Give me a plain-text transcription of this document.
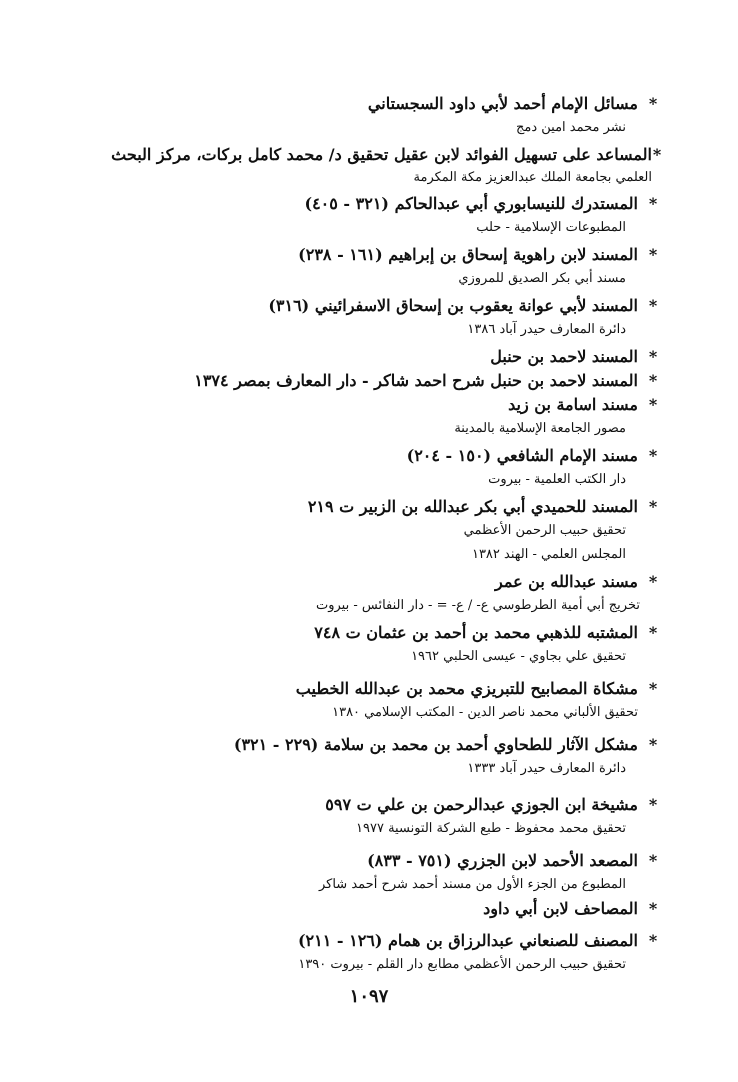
*
مسائل الإمام أحمد لأبي داود السجستاني
نشر محمد امين دمج
*
المساعد على تسهيل الفوائد لابن عقيل تحقيق د/ محمد كامل بركات، مركز البحث
العلمي بجامعة الملك عبدالعزيز مكة المكرمة
*
المستدرك للنيسابوري أبي عبدالحاكم (٣٢١ - ٤٠٥)
المطبوعات الإسلامية - حلب
*
المسند لابن راهوية إسحاق بن إبراهيم (١٦١ - ٢٣٨)
مسند أبي بكر الصديق للمروزي
*
المسند لأبي عوانة يعقوب بن إسحاق الاسفرائيني (٣١٦)
دائرة المعارف حيدر آباد ١٣٨٦
*
المسند لاحمد بن حنبل
*
المسند لاحمد بن حنبل شرح احمد شاكر - دار المعارف بمصر ١٣٧٤
*
مسند اسامة بن زيد
مصور الجامعة الإسلامية بالمدينة
*
مسند الإمام الشافعي (١٥٠ - ٢٠٤)
دار الكتب العلمية - بيروت
*
المسند للحميدي أبي بكر عبدالله بن الزبير ت ٢١٩
تحقيق حبيب الرحمن الأعظمي
المجلس العلمي - الهند ١٣٨٢
*
مسند عبدالله بن عمر
تخريج أبي أمية الطرطوسي ع- / ع- = - دار النفائس - بيروت
*
المشتبه للذهبي محمد بن أحمد بن عثمان ت ٧٤٨
تحقيق علي بجاوي - عيسى الحلبي ١٩٦٢
*
مشكاة المصابيح للتبريزي محمد بن عبدالله الخطيب
تحقيق الألباني محمد ناصر الدين - المكتب الإسلامي ١٣٨٠
*
مشكل الآثار للطحاوي أحمد بن محمد بن سلامة (٢٢٩ - ٣٢١)
دائرة المعارف حيدر آباد ١٣٣٣
*
مشيخة ابن الجوزي عبدالرحمن بن علي ت ٥٩٧
تحقيق محمد محفوظ - طبع الشركة التونسية ١٩٧٧
*
المصعد الأحمد لابن الجزري (٧٥١ - ٨٣٣)
المطبوع من الجزء الأول من مسند أحمد شرح أحمد شاكر
*
المصاحف لابن أبي داود
*
المصنف للصنعاني عبدالرزاق بن همام (١٢٦ - ٢١١)
تحقيق حبيب الرحمن الأعظمي مطابع دار القلم - بيروت ١٣٩٠
١٠٩٧
